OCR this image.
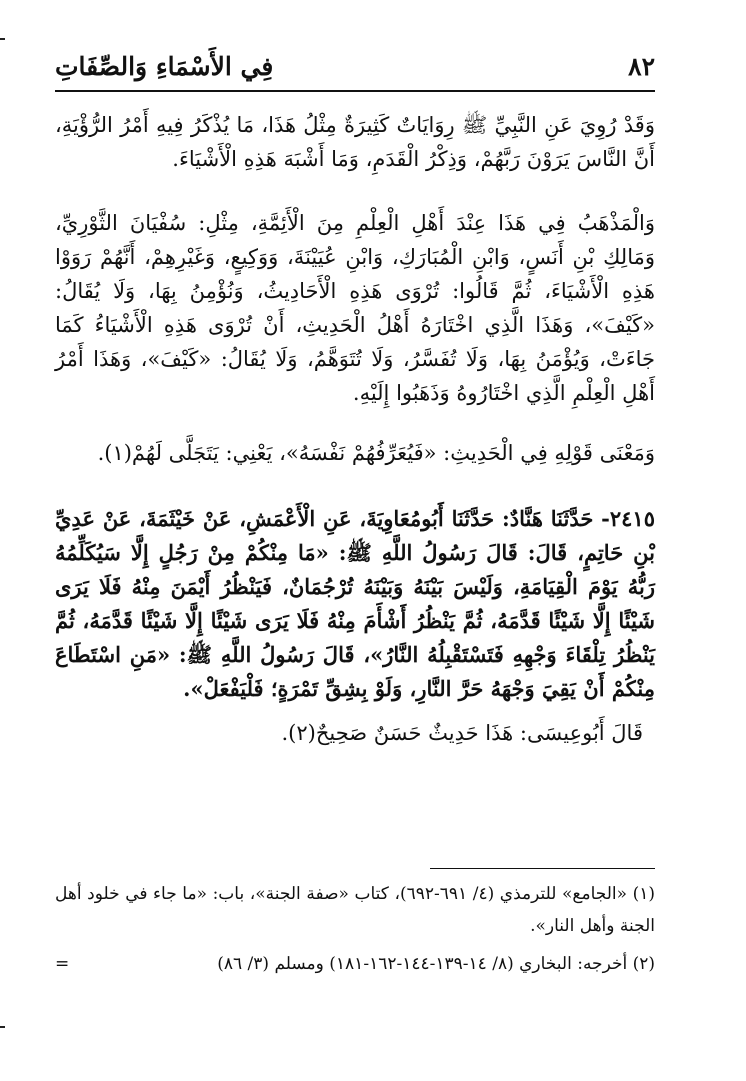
فِي الأَسْمَاءِ وَالصِّفَاتِ	٨٢

وَقَدْ رُوِيَ عَنِ النَّبِيِّ ﷺ رِوَايَاتٌ كَثِيرَةٌ مِثْلُ هَذَا، مَا يُذْكَرُ فِيهِ أَمْرُ الرُّؤْيَةِ، أَنَّ النَّاسَ يَرَوْنَ رَبَّهُمْ، وَذِكْرُ الْقَدَمِ، وَمَا أَشْبَهَ هَذِهِ الْأَشْيَاءَ.

وَالْمَذْهَبُ فِي هَذَا عِنْدَ أَهْلِ الْعِلْمِ مِنَ الْأَئِمَّةِ، مِثْلِ: سُفْيَانَ الثَّوْرِيِّ، وَمَالِكِ بْنِ أَنَسٍ، وَابْنِ الْمُبَارَكِ، وَابْنِ عُيَيْنَةَ، وَوَكِيعٍ، وَغَيْرِهِمْ، أَنَّهُمْ رَوَوْا هَذِهِ الْأَشْيَاءَ، ثُمَّ قَالُوا: تُرْوَى هَذِهِ الْأَحَادِيثُ، وَنُؤْمِنُ بِهَا، وَلَا يُقَالُ: «كَيْفَ»، وَهَذَا الَّذِي اخْتَارَهُ أَهْلُ الْحَدِيثِ، أَنْ تُرْوَى هَذِهِ الْأَشْيَاءُ كَمَا جَاءَتْ، وَيُؤْمَنُ بِهَا، وَلَا تُفَسَّرُ، وَلَا تُتَوَهَّمُ، وَلَا يُقَالُ: «كَيْفَ»، وَهَذَا أَمْرُ أَهْلِ الْعِلْمِ الَّذِي اخْتَارُوهُ وَذَهَبُوا إِلَيْهِ.

وَمَعْنَى قَوْلِهِ فِي الْحَدِيثِ: «فَيُعَرِّفُهُمْ نَفْسَهُ»، يَعْنِي: يَتَجَلَّى لَهُمْ(١).

٢٤١٥- حَدَّثَنَا هَنَّادٌ: حَدَّثَنَا أَبُومُعَاوِيَةَ، عَنِ الْأَعْمَشِ، عَنْ خَيْثَمَةَ، عَنْ عَدِيِّ بْنِ حَاتِمٍ، قَالَ: قَالَ رَسُولُ اللَّهِ ﷺ: «مَا مِنْكُمْ مِنْ رَجُلٍ إِلَّا سَيُكَلِّمُهُ رَبُّهُ يَوْمَ الْقِيَامَةِ، وَلَيْسَ بَيْنَهُ وَبَيْنَهُ تُرْجُمَانٌ، فَيَنْظُرُ أَيْمَنَ مِنْهُ فَلَا يَرَى شَيْئًا إِلَّا شَيْئًا قَدَّمَهُ، ثُمَّ يَنْظُرُ أَشْأَمَ مِنْهُ فَلَا يَرَى شَيْئًا إِلَّا شَيْئًا قَدَّمَهُ، ثُمَّ يَنْظُرُ تِلْقَاءَ وَجْهِهِ فَتَسْتَقْبِلُهُ النَّارُ»، قَالَ رَسُولُ اللَّهِ ﷺ: «مَنِ اسْتَطَاعَ مِنْكُمْ أَنْ يَقِيَ وَجْهَهُ حَرَّ النَّارِ، وَلَوْ بِشِقِّ تَمْرَةٍ؛ فَلْيَفْعَلْ».

قَالَ أَبُوعِيسَى: هَذَا حَدِيثٌ حَسَنٌ صَحِيحٌ(٢).

(١) «الجامع» للترمذي (٤/ ٦٩١-٦٩٢)، كتاب «صفة الجنة»، باب: «ما جاء في خلود أهل الجنة وأهل النار».

=	(٢) أخرجه: البخاري (٨/ ١٤-١٣٩-١٤٤-١٦٢-١٨١) ومسلم (٣/ ٨٦)
